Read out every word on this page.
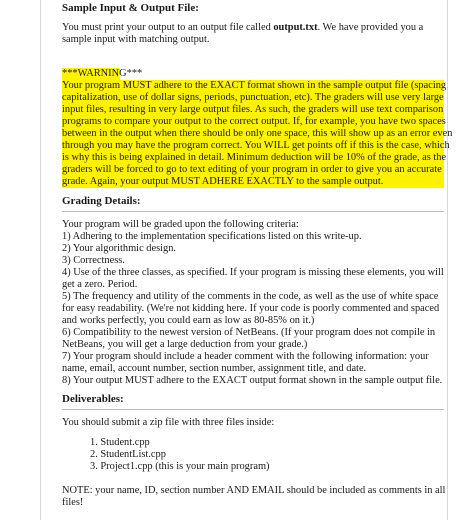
Sample Input & Output File:
You must print your output to an output file called output.txt. We have provided you a
sample input with matching output.
***WARNING***
Your program MUST adhere to the EXACT format shown in the sample output file (spacing
capitalization, use of dollar signs, periods, punctuation, etc). The graders will use very large
input files, resulting in very large output files. As such, the graders will use text comparison
programs to compare your output to the correct output. If, for example, you have two spaces
between in the output when there should be only one space, this will show up as an error even
through you may have the program correct. You WILL get points off if this is the case, which
is why this is being explained in detail. Minimum deduction will be 10% of the grade, as the
graders will be forced to go to text editing of your program in order to give you an accurate
grade. Again, your output MUST ADHERE EXACTLY to the sample output.
Grading Details:
Your program will be graded upon the following criteria:
1) Adhering to the implementation specifications listed on this write-up.
2) Your algorithmic design.
3) Correctness.
4) Use of the three classes, as specified. If your program is missing these elements, you will
get a zero. Period.
5) The frequency and utility of the comments in the code, as well as the use of white space
for easy readability. (We're not kidding here. If your code is poorly commented and spaced
and works perfectly, you could earn as low as 80-85% on it.)
6) Compatibility to the newest version of NetBeans. (If your program does not compile in
NetBeans, you will get a large deduction from your grade.)
7) Your program should include a header comment with the following information: your
name, email, account number, section number, assignment title, and date.
8) Your output MUST adhere to the EXACT output format shown in the sample output file.
Deliverables:
You should submit a zip file with three files inside:
1. Student.cpp
2. StudentList.cpp
3. Project1.cpp (this is your main program)
NOTE: your name, ID, section number AND EMAIL should be included as comments in all
files!
